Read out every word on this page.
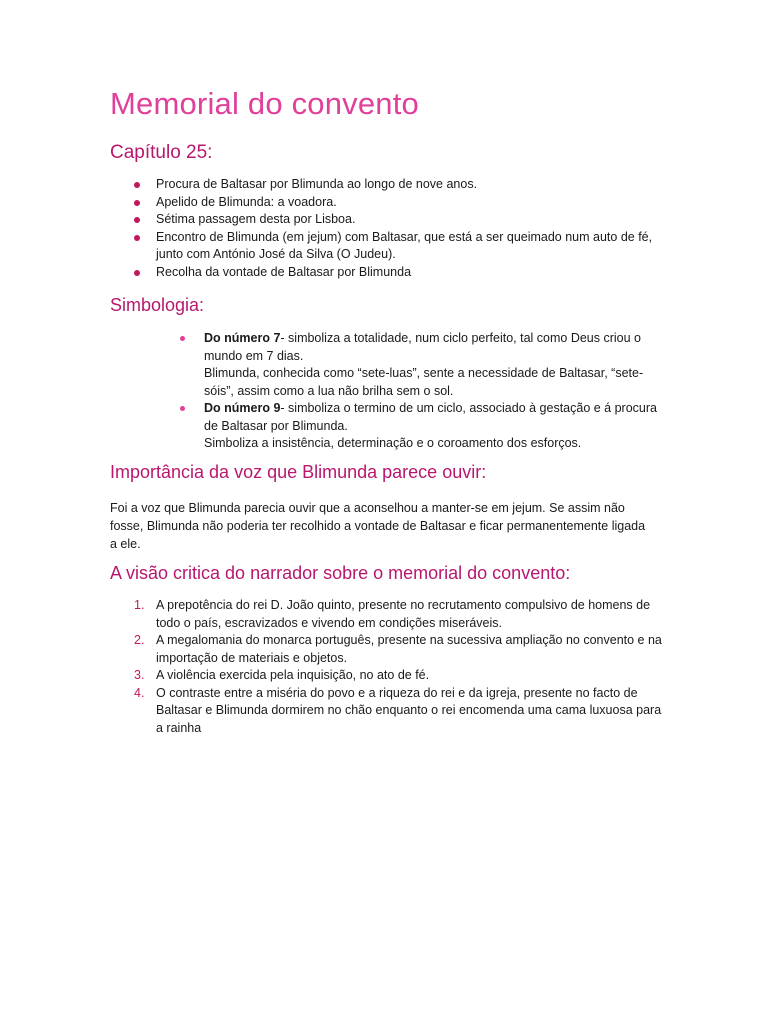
Memorial do convento
Capítulo 25:
Procura de Baltasar por Blimunda ao longo de nove anos.
Apelido de Blimunda: a voadora.
Sétima passagem desta por Lisboa.
Encontro de Blimunda (em jejum) com Baltasar, que está a ser queimado num auto de fé, junto com António José da Silva (O Judeu).
Recolha da vontade de Baltasar por Blimunda
Simbologia:
Do número 7- simboliza a totalidade, num ciclo perfeito, tal como Deus criou o mundo em 7 dias.
Blimunda, conhecida como “sete-luas”, sente a necessidade de Baltasar, “sete-sóis”, assim como a lua não brilha sem o sol.
Do número 9- simboliza o termino de um ciclo, associado à gestação e á procura de Baltasar por Blimunda.
Simboliza a insistência, determinação e o coroamento dos esforços.
Importância da voz que Blimunda parece ouvir:

Foi a voz que Blimunda parecia ouvir que a aconselhou a manter-se em jejum. Se assim não fosse, Blimunda não poderia ter recolhido a vontade de Baltasar e ficar permanentemente ligada a ele.

A visão critica do narrador sobre o memorial do convento:
1. A prepotência do rei D. João quinto, presente no recrutamento compulsivo de homens de todo o país, escravizados e vivendo em condições miseráveis.
2. A megalomania do monarca português, presente na sucessiva ampliação no convento e na importação de materiais e objetos.
3. A violência exercida pela inquisição, no ato de fé.
4. O contraste entre a miséria do povo e a riqueza do rei e da igreja, presente no facto de Baltasar e Blimunda dormirem no chão enquanto o rei encomenda uma cama luxuosa para a rainha
